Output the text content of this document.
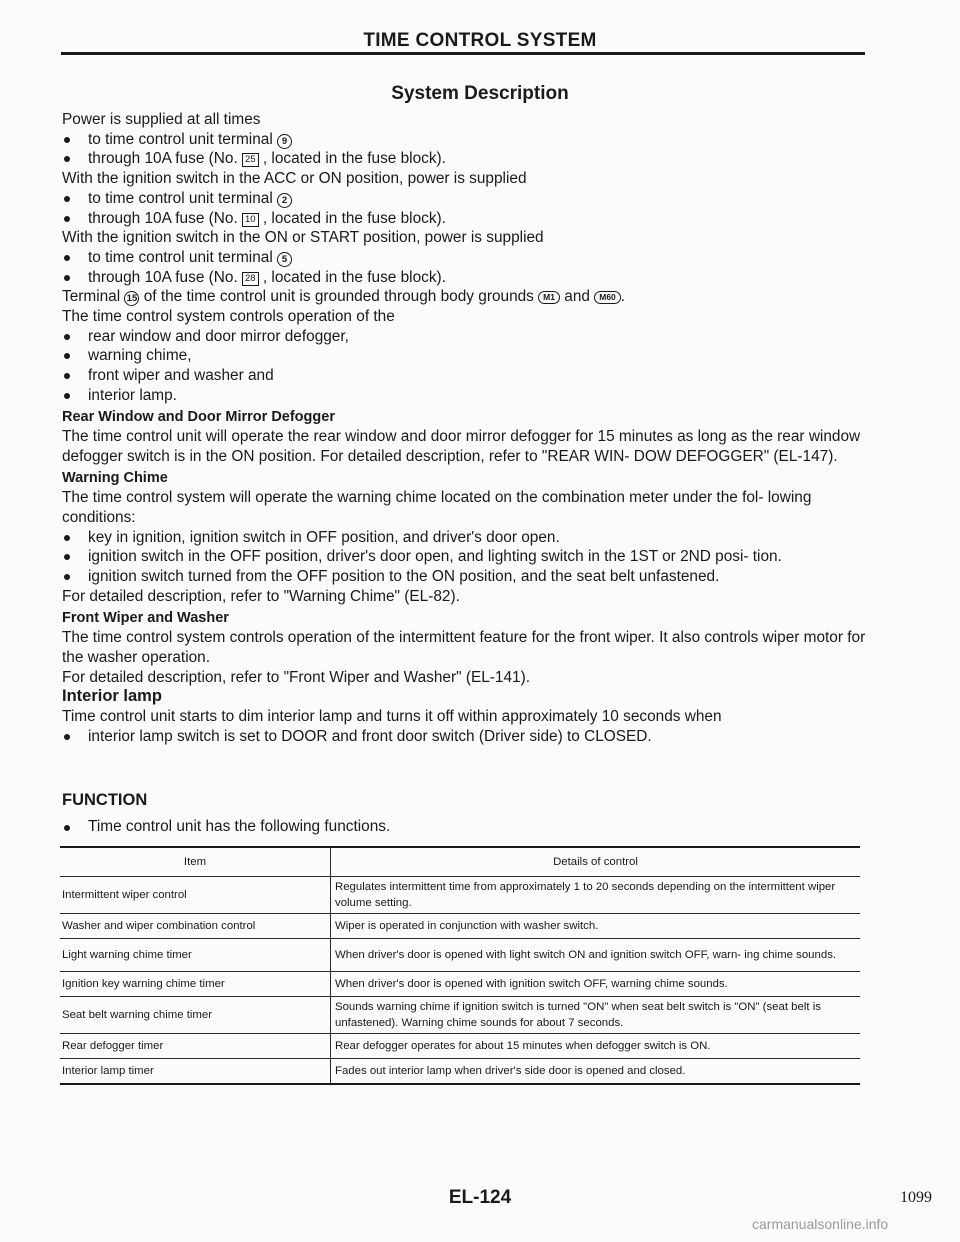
TIME CONTROL SYSTEM
System Description

Power is supplied at all times

to time control unit terminal 9

through 10A fuse (No. 25 , located in the fuse block).

With the ignition switch in the ACC or ON position, power is supplied

to time control unit terminal 2

through 10A fuse (No. 10 , located in the fuse block).

With the ignition switch in the ON or START position, power is supplied

to time control unit terminal 5

through 10A fuse (No. 28 , located in the fuse block).

Terminal 15 of the time control unit is grounded through body grounds M1 and M60 .

The time control system controls operation of the

rear window and door mirror defogger,

warning chime,

front wiper and washer and

interior lamp.

Rear Window and Door Mirror Defogger

The time control unit will operate the rear window and door mirror defogger for 15 minutes as long as the rear window defogger switch is in the ON position. For detailed description, refer to "REAR WIN- DOW DEFOGGER" (EL-147).

Warning Chime

The time control system will operate the warning chime located on the combination meter under the fol- lowing conditions:

key in ignition, ignition switch in OFF position, and driver's door open.

ignition switch in the OFF position, driver's door open, and lighting switch in the 1ST or 2ND posi- tion.

ignition switch turned from the OFF position to the ON position, and the seat belt unfastened.

For detailed description, refer to "Warning Chime" (EL-82).

Front Wiper and Washer

The time control system controls operation of the intermittent feature for the front wiper. It also controls wiper motor for the washer operation.

For detailed description, refer to "Front Wiper and Washer" (EL-141).

Interior lamp

Time control unit starts to dim interior lamp and turns it off within approximately 10 seconds when

interior lamp switch is set to DOOR and front door switch (Driver side) to CLOSED.

FUNCTION
Time control unit has the following functions.
Item	Details of control
Intermittent wiper control	Regulates intermittent time from approximately 1 to 20 seconds depending on the intermittent wiper volume setting.
Washer and wiper combination control	Wiper is operated in conjunction with washer switch.
Light warning chime timer	When driver's door is opened with light switch ON and ignition switch OFF, warn- ing chime sounds.
Ignition key warning chime timer	When driver's door is opened with ignition switch OFF, warning chime sounds.
Seat belt warning chime timer	Sounds warning chime if ignition switch is turned "ON" when seat belt switch is "ON" (seat belt is unfastened). Warning chime sounds for about 7 seconds.
Rear defogger timer	Rear defogger operates for about 15 minutes when defogger switch is ON.
Interior lamp timer	Fades out interior lamp when driver's side door is opened and closed.
EL-124	1099
carmanualsonline.info
